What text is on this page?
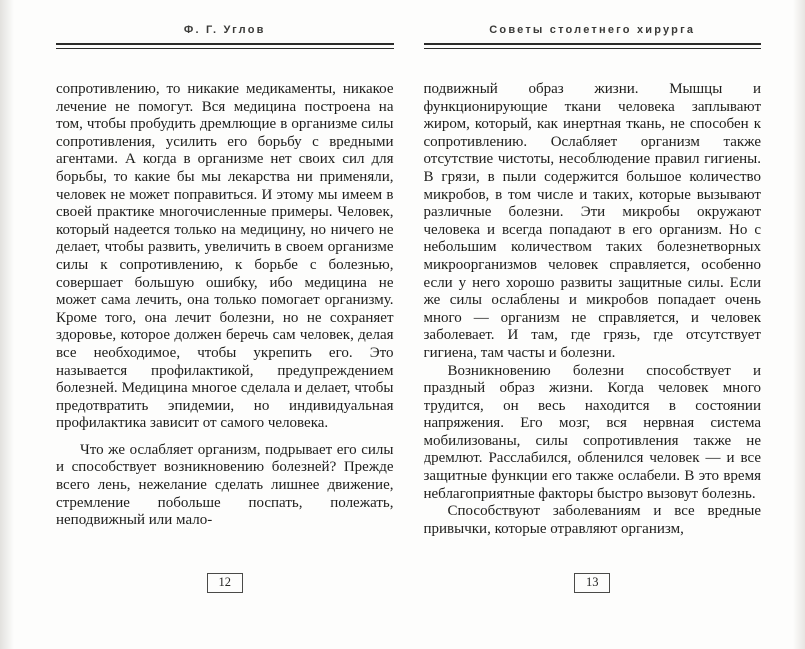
Ф. Г. Углов

сопротивлению, то никакие медикаменты, никакое лечение не помогут. Вся медицина построена на том, чтобы пробудить дремлющие в организме силы сопротивления, усилить его борьбу с вредными агентами. А когда в организме нет своих сил для борьбы, то какие бы мы лекарства ни применяли, человек не может поправиться. И этому мы имеем в своей практике многочисленные примеры. Человек, который надеется только на медицину, но ничего не делает, чтобы развить, увеличить в своем организме силы к сопротивлению, к борьбе с болезнью, совершает большую ошибку, ибо медицина не может сама лечить, она только помогает организму. Кроме того, она лечит болезни, но не сохраняет здоровье, которое должен беречь сам человек, делая все необходимое, чтобы укрепить его. Это называется профилактикой, предупреждением болезней. Медицина многое сделала и делает, чтобы предотвратить эпидемии, но индивидуальная профилактика зависит от самого человека.

Что же ослабляет организм, подрывает его силы и способствует возникновению болезней? Прежде всего лень, нежелание сделать лишнее движение, стремление побольше поспать, полежать, неподвижный или мало-

12
Советы столетнего хирурга

подвижный образ жизни. Мышцы и функционирующие ткани человека заплывают жиром, который, как инертная ткань, не способен к сопротивлению. Ослабляет организм также отсутствие чистоты, несоблюдение правил гигиены. В грязи, в пыли содержится большое количество микробов, в том числе и таких, которые вызывают различные болезни. Эти микробы окружают человека и всегда попадают в его организм. Но с небольшим количеством таких болезнетворных микроорганизмов человек справляется, особенно если у него хорошо развиты защитные силы. Если же силы ослаблены и микробов попадает очень много — организм не справляется, и человек заболевает. И там, где грязь, где отсутствует гигиена, там часты и болезни.

Возникновению болезни способствует и праздный образ жизни. Когда человек много трудится, он весь находится в состоянии напряжения. Его мозг, вся нервная система мобилизованы, силы сопротивления также не дремлют. Расслабился, обленился человек — и все защитные функции его также ослабели. В это время неблагоприятные факторы быстро вызовут болезнь.

Способствуют заболеваниям и все вредные привычки, которые отравляют организм,

13
